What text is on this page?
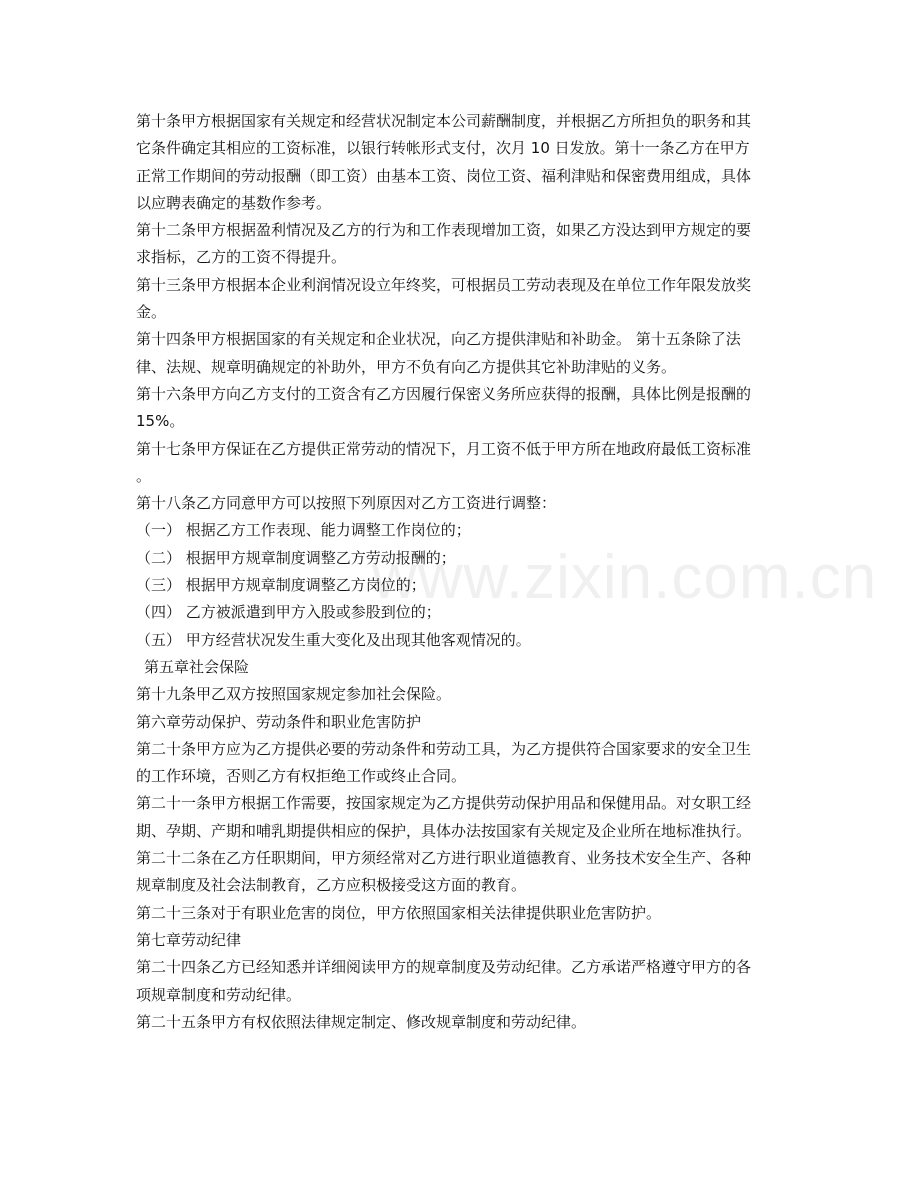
www.zixin.com.cn
第十条甲方根据国家有关规定和经营状况制定本公司薪酬制度，并根据乙方所担负的职务和其
它条件确定其相应的工资标准，以银行转帐形式支付，次月 10 日发放。第十一条乙方在甲方
正常工作期间的劳动报酬（即工资）由基本工资、岗位工资、福利津贴和保密费用组成，具体
以应聘表确定的基数作参考。
第十二条甲方根据盈利情况及乙方的行为和工作表现增加工资，如果乙方没达到甲方规定的要
求指标，乙方的工资不得提升。
第十三条甲方根据本企业利润情况设立年终奖，可根据员工劳动表现及在单位工作年限发放奖
金。
第十四条甲方根据国家的有关规定和企业状况，向乙方提供津贴和补助金。 第十五条除了法
律、法规、规章明确规定的补助外，甲方不负有向乙方提供其它补助津贴的义务。
第十六条甲方向乙方支付的工资含有乙方因履行保密义务所应获得的报酬，具体比例是报酬的
15%。
第十七条甲方保证在乙方提供正常劳动的情况下，月工资不低于甲方所在地政府最低工资标准
。
第十八条乙方同意甲方可以按照下列原因对乙方工资进行调整：
（一） 根据乙方工作表现、能力调整工作岗位的；
（二） 根据甲方规章制度调整乙方劳动报酬的；
（三） 根据甲方规章制度调整乙方岗位的；
（四） 乙方被派遣到甲方入股或参股到位的；
（五） 甲方经营状况发生重大变化及出现其他客观情况的。
第五章社会保险
第十九条甲乙双方按照国家规定参加社会保险。
第六章劳动保护、劳动条件和职业危害防护
第二十条甲方应为乙方提供必要的劳动条件和劳动工具，为乙方提供符合国家要求的安全卫生
的工作环境，否则乙方有权拒绝工作或终止合同。
第二十一条甲方根据工作需要，按国家规定为乙方提供劳动保护用品和保健用品。对女职工经
期、孕期、产期和哺乳期提供相应的保护，具体办法按国家有关规定及企业所在地标准执行。
第二十二条在乙方任职期间，甲方须经常对乙方进行职业道德教育、业务技术安全生产、各种
规章制度及社会法制教育，乙方应积极接受这方面的教育。
第二十三条对于有职业危害的岗位，甲方依照国家相关法律提供职业危害防护。
第七章劳动纪律
第二十四条乙方已经知悉并详细阅读甲方的规章制度及劳动纪律。乙方承诺严格遵守甲方的各
项规章制度和劳动纪律。
第二十五条甲方有权依照法律规定制定、修改规章制度和劳动纪律。
